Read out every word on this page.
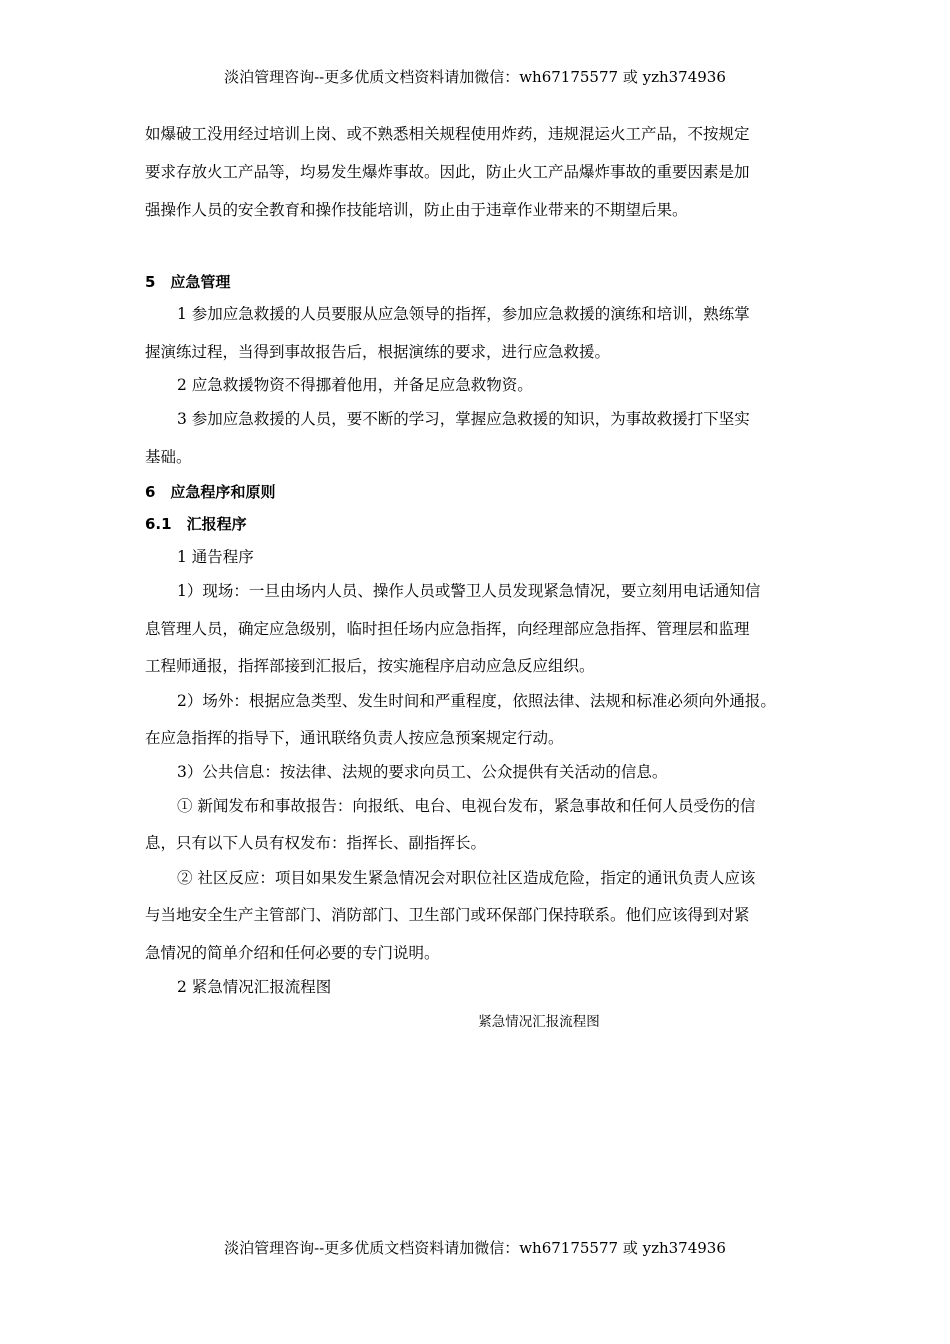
淡泊管理咨询--更多优质文档资料请加微信：wh67175577 或 yzh374936
如爆破工没用经过培训上岗、或不熟悉相关规程使用炸药，违规混运火工产品，不按规定
要求存放火工产品等，均易发生爆炸事故。因此，防止火工产品爆炸事故的重要因素是加
强操作人员的安全教育和操作技能培训，防止由于违章作业带来的不期望后果。
5　应急管理
1 参加应急救援的人员要服从应急领导的指挥，参加应急救援的演练和培训，熟练掌
握演练过程，当得到事故报告后，根据演练的要求，进行应急救援。
2 应急救援物资不得挪着他用，并备足应急救物资。
3 参加应急救援的人员，要不断的学习，掌握应急救援的知识，为事故救援打下坚实
基础。
6　应急程序和原则
6.1　汇报程序
1 通告程序
1）现场：一旦由场内人员、操作人员或警卫人员发现紧急情况，要立刻用电话通知信
息管理人员，确定应急级别，临时担任场内应急指挥，向经理部应急指挥、管理层和监理
工程师通报，指挥部接到汇报后，按实施程序启动应急反应组织。
2）场外：根据应急类型、发生时间和严重程度，依照法律、法规和标准必须向外通报。
在应急指挥的指导下，通讯联络负责人按应急预案规定行动。
3）公共信息：按法律、法规的要求向员工、公众提供有关活动的信息。
① 新闻发布和事故报告：向报纸、电台、电视台发布，紧急事故和任何人员受伤的信
息，只有以下人员有权发布：指挥长、副指挥长。
② 社区反应：项目如果发生紧急情况会对职位社区造成危险，指定的通讯负责人应该
与当地安全生产主管部门、消防部门、卫生部门或环保部门保持联系。他们应该得到对紧
急情况的简单介绍和任何必要的专门说明。
2 紧急情况汇报流程图
紧急情况汇报流程图
淡泊管理咨询--更多优质文档资料请加微信：wh67175577 或 yzh374936
